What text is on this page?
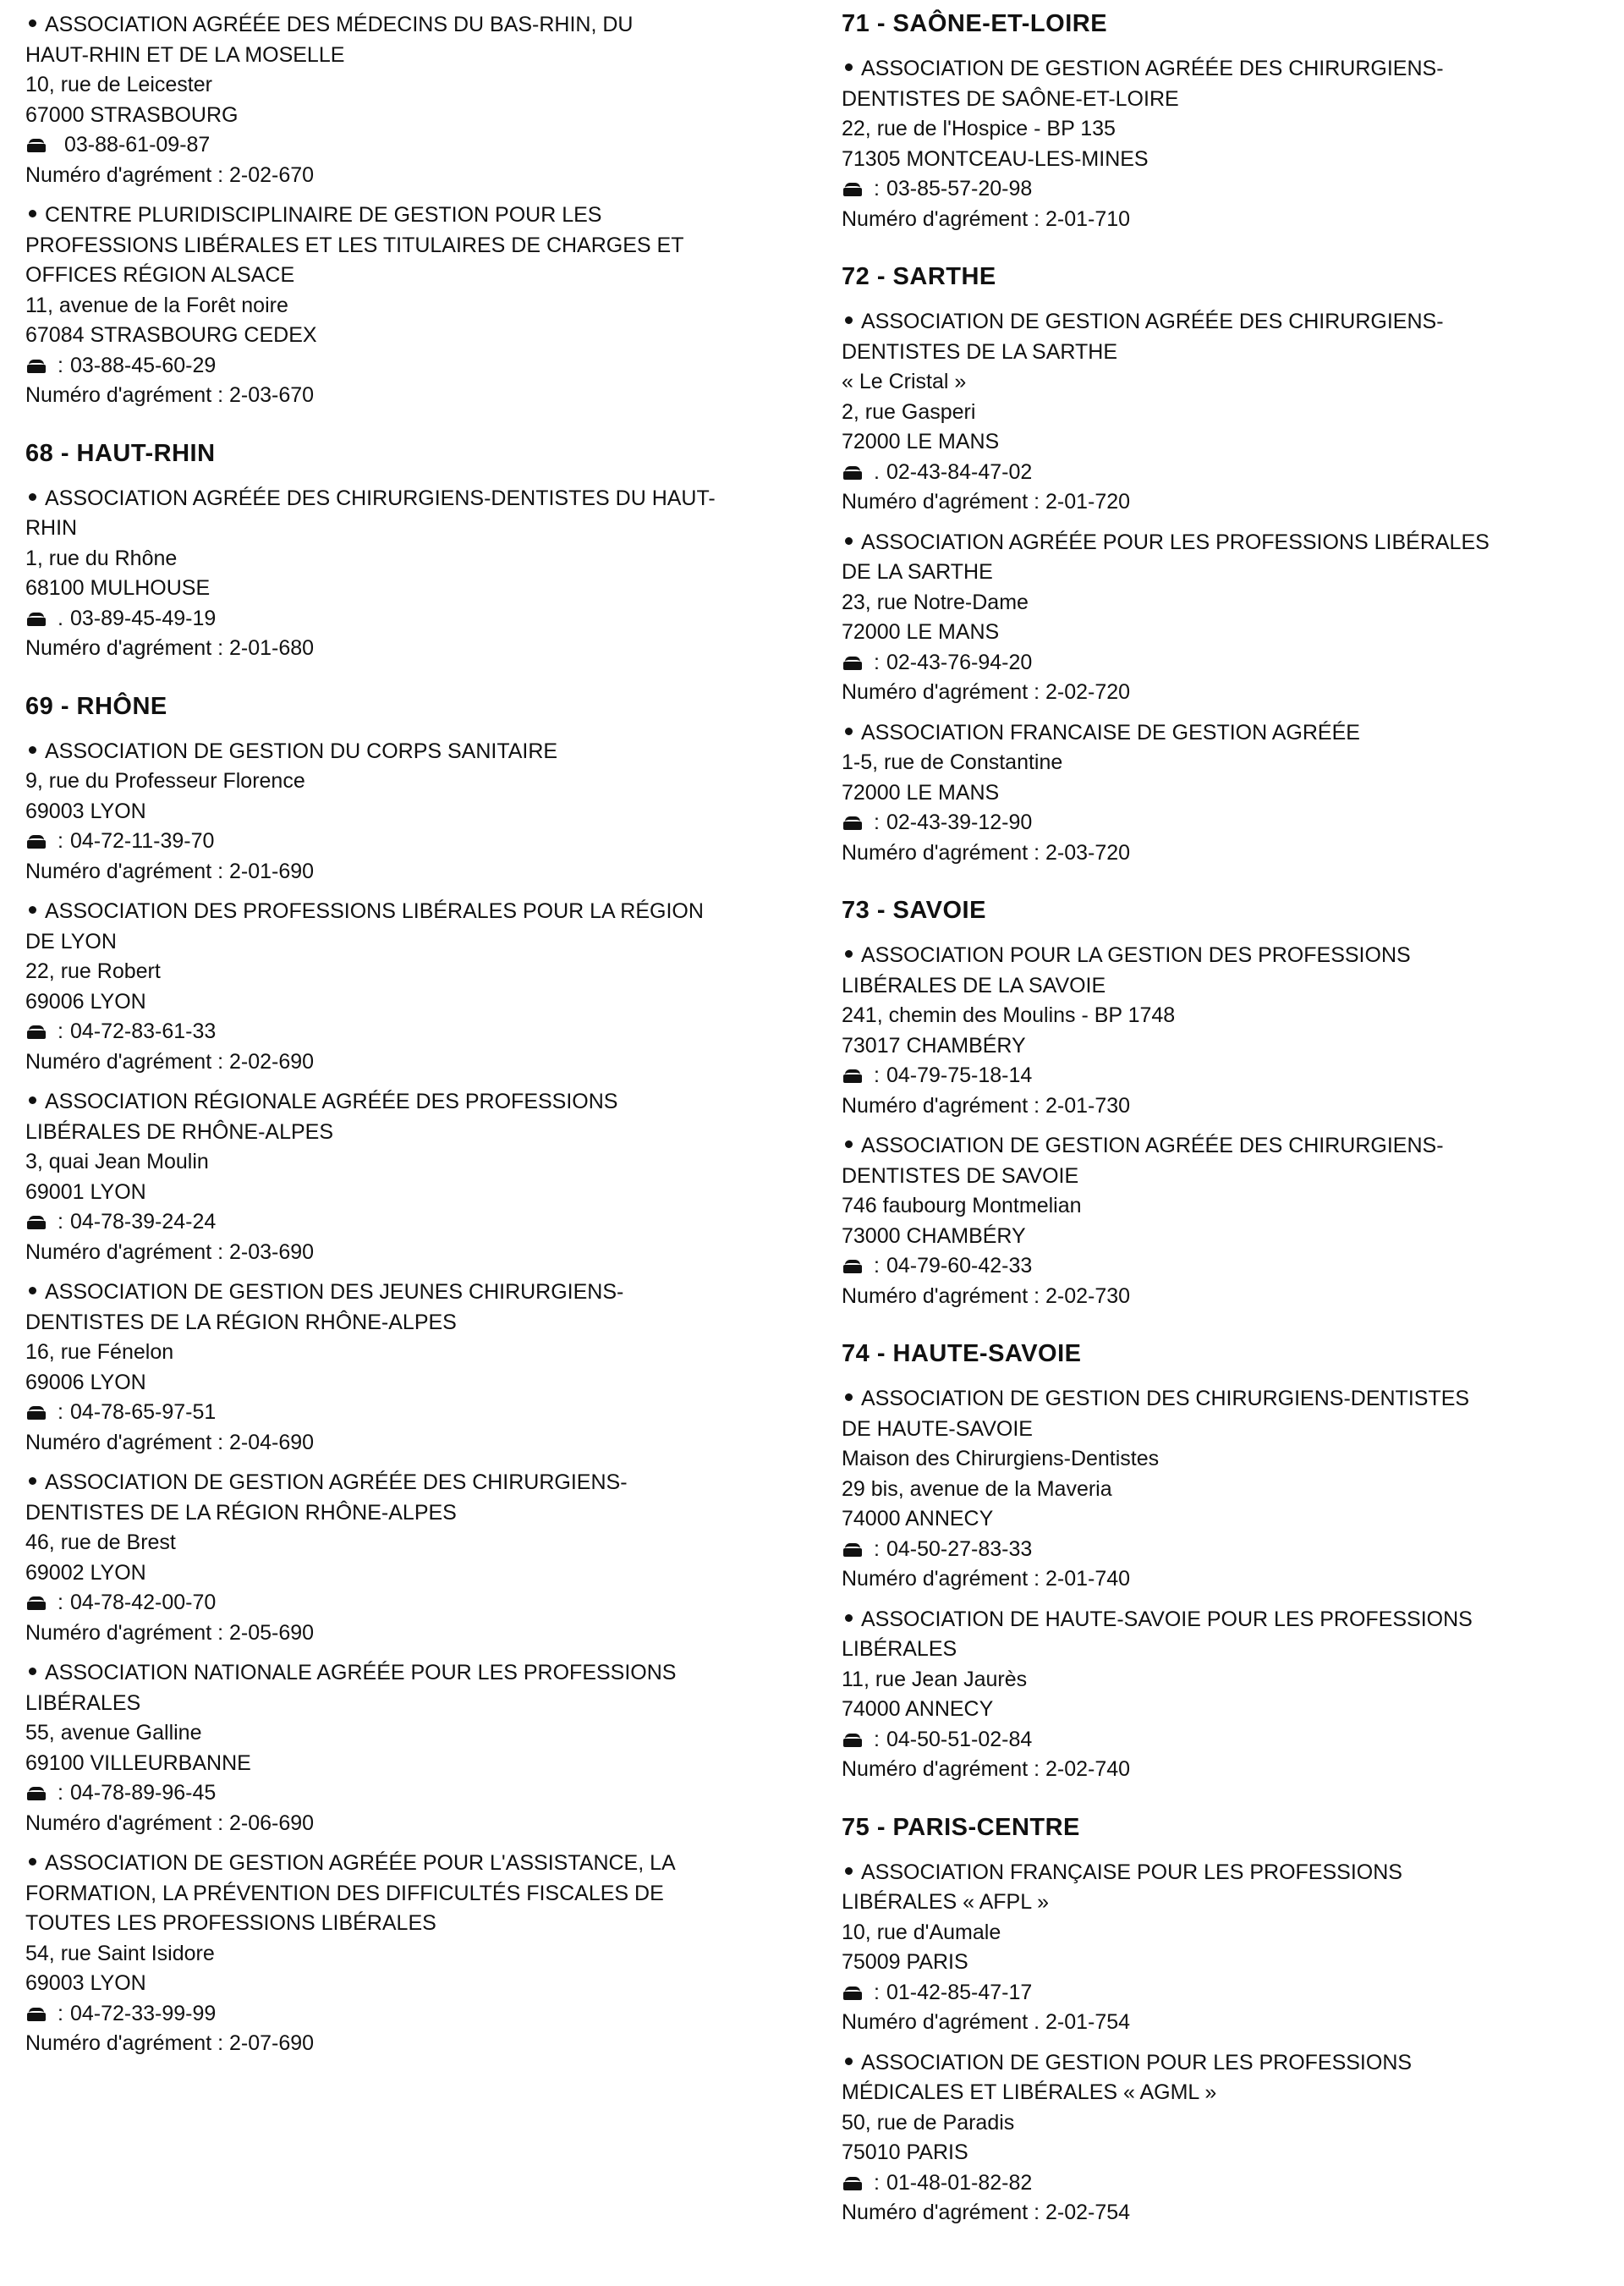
ASSOCIATION AGRÉÉE DES MÉDECINS DU BAS-RHIN, DU
HAUT-RHIN ET DE LA MOSELLE
10, rue de Leicester
67000 STRASBOURG
03-88-61-09-87
Numéro d'agrément : 2-02-670
CENTRE PLURIDISCIPLINAIRE DE GESTION POUR LES
PROFESSIONS LIBÉRALES ET LES TITULAIRES DE CHARGES ET
OFFICES RÉGION ALSACE
11, avenue de la Forêt noire
67084 STRASBOURG CEDEX
: 03-88-45-60-29
Numéro d'agrément : 2-03-670
68 - HAUT-RHIN
ASSOCIATION AGRÉÉE DES CHIRURGIENS-DENTISTES DU HAUT-
RHIN
1, rue du Rhône
68100 MULHOUSE
. 03-89-45-49-19
Numéro d'agrément : 2-01-680
69 - RHÔNE
ASSOCIATION DE GESTION DU CORPS SANITAIRE
9, rue du Professeur Florence
69003 LYON
: 04-72-11-39-70
Numéro d'agrément : 2-01-690
ASSOCIATION DES PROFESSIONS LIBÉRALES POUR LA RÉGION
DE LYON
22, rue Robert
69006 LYON
: 04-72-83-61-33
Numéro d'agrément : 2-02-690
ASSOCIATION RÉGIONALE AGRÉÉE DES PROFESSIONS
LIBÉRALES DE RHÔNE-ALPES
3, quai Jean Moulin
69001 LYON
: 04-78-39-24-24
Numéro d'agrément : 2-03-690
ASSOCIATION DE GESTION DES JEUNES CHIRURGIENS-
DENTISTES DE LA RÉGION RHÔNE-ALPES
16, rue Fénelon
69006 LYON
: 04-78-65-97-51
Numéro d'agrément : 2-04-690
ASSOCIATION DE GESTION AGRÉÉE DES CHIRURGIENS-
DENTISTES DE LA RÉGION RHÔNE-ALPES
46, rue de Brest
69002 LYON
: 04-78-42-00-70
Numéro d'agrément : 2-05-690
ASSOCIATION NATIONALE AGRÉÉE POUR LES PROFESSIONS
LIBÉRALES
55, avenue Galline
69100 VILLEURBANNE
: 04-78-89-96-45
Numéro d'agrément : 2-06-690
ASSOCIATION DE GESTION AGRÉÉE POUR L'ASSISTANCE, LA
FORMATION, LA PRÉVENTION DES DIFFICULTÉS FISCALES DE
TOUTES LES PROFESSIONS LIBÉRALES
54, rue Saint Isidore
69003 LYON
: 04-72-33-99-99
Numéro d'agrément : 2-07-690
71 - SAÔNE-ET-LOIRE
ASSOCIATION DE GESTION AGRÉÉE DES CHIRURGIENS-
DENTISTES DE SAÔNE-ET-LOIRE
22, rue de l'Hospice - BP 135
71305 MONTCEAU-LES-MINES
: 03-85-57-20-98
Numéro d'agrément : 2-01-710
72 - SARTHE
ASSOCIATION DE GESTION AGRÉÉE DES CHIRURGIENS-
DENTISTES DE LA SARTHE
« Le Cristal »
2, rue Gasperi
72000 LE MANS
. 02-43-84-47-02
Numéro d'agrément : 2-01-720
ASSOCIATION AGRÉÉE POUR LES PROFESSIONS LIBÉRALES
DE LA SARTHE
23, rue Notre-Dame
72000 LE MANS
: 02-43-76-94-20
Numéro d'agrément : 2-02-720
ASSOCIATION FRANCAISE DE GESTION AGRÉÉE
1-5, rue de Constantine
72000 LE MANS
: 02-43-39-12-90
Numéro d'agrément : 2-03-720
73 - SAVOIE
ASSOCIATION POUR LA GESTION DES PROFESSIONS
LIBÉRALES DE LA SAVOIE
241, chemin des Moulins - BP 1748
73017 CHAMBÉRY
: 04-79-75-18-14
Numéro d'agrément : 2-01-730
ASSOCIATION DE GESTION AGRÉÉE DES CHIRURGIENS-
DENTISTES DE SAVOIE
746 faubourg Montmelian
73000 CHAMBÉRY
: 04-79-60-42-33
Numéro d'agrément : 2-02-730
74 - HAUTE-SAVOIE
ASSOCIATION DE GESTION DES CHIRURGIENS-DENTISTES
DE HAUTE-SAVOIE
Maison des Chirurgiens-Dentistes
29 bis, avenue de la Maveria
74000 ANNECY
: 04-50-27-83-33
Numéro d'agrément : 2-01-740
ASSOCIATION DE HAUTE-SAVOIE POUR LES PROFESSIONS
LIBÉRALES
11, rue Jean Jaurès
74000 ANNECY
: 04-50-51-02-84
Numéro d'agrément : 2-02-740
75 - PARIS-CENTRE
ASSOCIATION FRANÇAISE POUR LES PROFESSIONS
LIBÉRALES « AFPL »
10, rue d'Aumale
75009 PARIS
: 01-42-85-47-17
Numéro d'agrément . 2-01-754
ASSOCIATION DE GESTION POUR LES PROFESSIONS
MÉDICALES ET LIBÉRALES « AGML »
50, rue de Paradis
75010 PARIS
: 01-48-01-82-82
Numéro d'agrément : 2-02-754
